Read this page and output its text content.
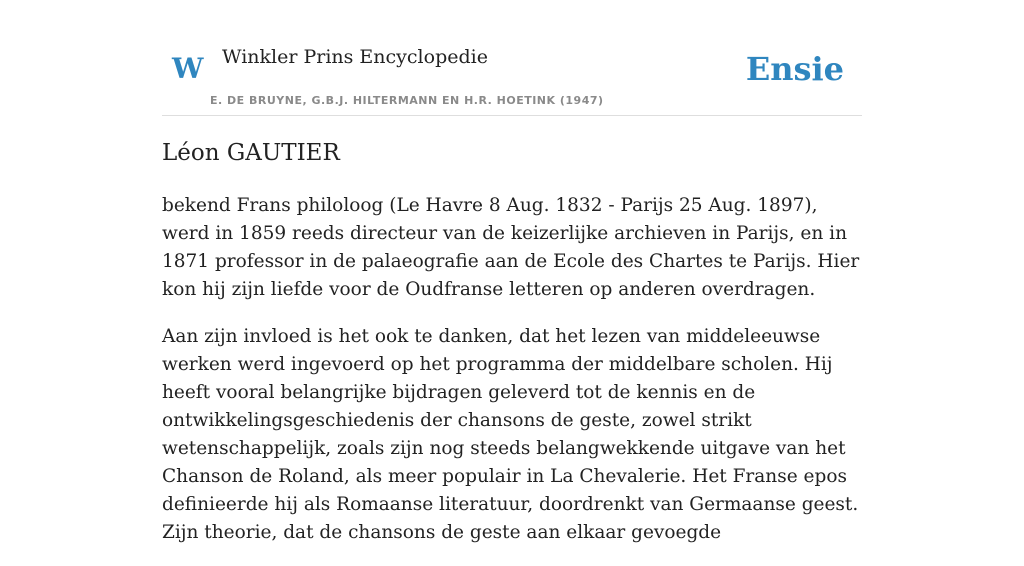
W Winkler Prins Encyclopedie
E. DE BRUYNE, G.B.J. HILTERMANN EN H.R. HOETINK (1947)
Ensie
Léon GAUTIER

bekend Frans philoloog (Le Havre 8 Aug. 1832 - Parijs 25 Aug. 1897), werd in 1859 reeds directeur van de keizerlijke archieven in Parijs, en in 1871 professor in de palaeografie aan de Ecole des Chartes te Parijs. Hier kon hij zijn liefde voor de Oudfranse letteren op anderen overdragen.

Aan zijn invloed is het ook te danken, dat het lezen van middeleeuwse werken werd ingevoerd op het programma der middelbare scholen. Hij heeft vooral belangrijke bijdragen geleverd tot de kennis en de ontwikkelingsgeschiedenis der chansons de geste, zowel strikt wetenschappelijk, zoals zijn nog steeds belangwekkende uitgave van het Chanson de Roland, als meer populair in La Chevalerie. Het Franse epos definieerde hij als Romaanse literatuur, doordrenkt van Germaanse geest. Zijn theorie, dat de chansons de geste aan elkaar gevoegde
